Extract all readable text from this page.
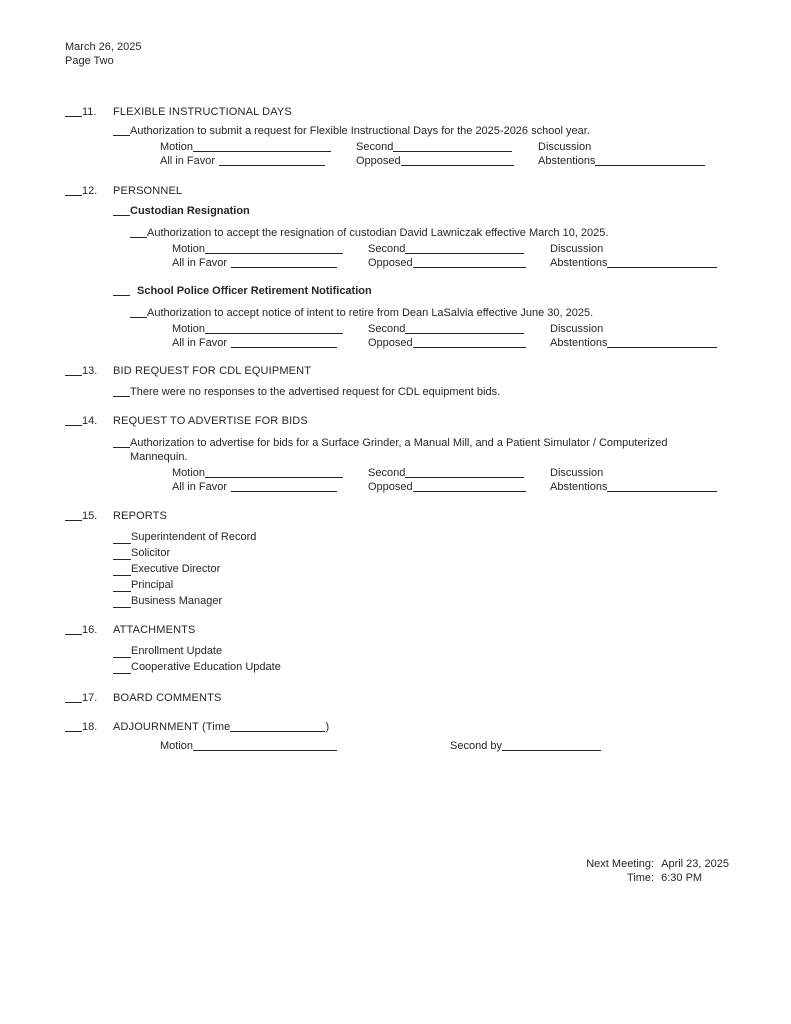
March 26, 2025
Page Two
11. FLEXIBLE INSTRUCTIONAL DAYS
Authorization to submit a request for Flexible Instructional Days for the 2025-2026 school year.
Motion	Second	Discussion
All in Favor	Opposed	Abstentions
12. PERSONNEL
Custodian Resignation
Authorization to accept the resignation of custodian David Lawniczak effective March 10, 2025.
Motion	Second	Discussion
All in Favor	Opposed	Abstentions
School Police Officer Retirement Notification
Authorization to accept notice of intent to retire from Dean LaSalvia effective June 30, 2025.
Motion	Second	Discussion
All in Favor	Opposed	Abstentions
13. BID REQUEST FOR CDL EQUIPMENT
There were no responses to the advertised request for CDL equipment bids.
14. REQUEST TO ADVERTISE FOR BIDS
Authorization to advertise for bids for a Surface Grinder, a Manual Mill, and a Patient Simulator / Computerized Mannequin.
Motion	Second	Discussion
All in Favor	Opposed	Abstentions
15. REPORTS
Superintendent of Record
Solicitor
Executive Director
Principal
Business Manager
16. ATTACHMENTS
Enrollment Update
Cooperative Education Update
17. BOARD COMMENTS
18. ADJOURNMENT (Time	)
Motion	Second by
Next Meeting: April 23, 2025
Time: 6:30 PM
